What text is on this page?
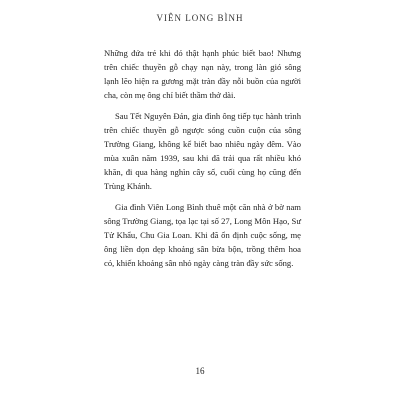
VIÊN LONG BÌNH

Những đứa trẻ khi đó thật hạnh phúc biết bao! Nhưng trên chiếc thuyền gỗ chạy nạn này, trong làn gió sông lạnh lẽo hiện ra gương mặt tràn đầy nỗi buồn của người cha, còn mẹ ông chỉ biết thầm thở dài.

Sau Tết Nguyên Đán, gia đình ông tiếp tục hành trình trên chiếc thuyền gỗ ngược sóng cuồn cuộn của sông Trường Giang, không kể biết bao nhiêu ngày đêm. Vào mùa xuân năm 1939, sau khi đã trải qua rất nhiều khó khăn, đi qua hàng nghìn cây số, cuối cùng họ cũng đến Trùng Khánh.

Gia đình Viên Long Bình thuê một căn nhà ở bờ nam sông Trường Giang, tọa lạc tại số 27, Long Môn Hạo, Sư Tử Khẩu, Chu Gia Loan. Khi đã ổn định cuộc sống, mẹ ông liền dọn dẹp khoảng sân bừa bộn, trồng thêm hoa cỏ, khiến khoảng sân nhỏ ngày càng tràn đầy sức sống.

16
